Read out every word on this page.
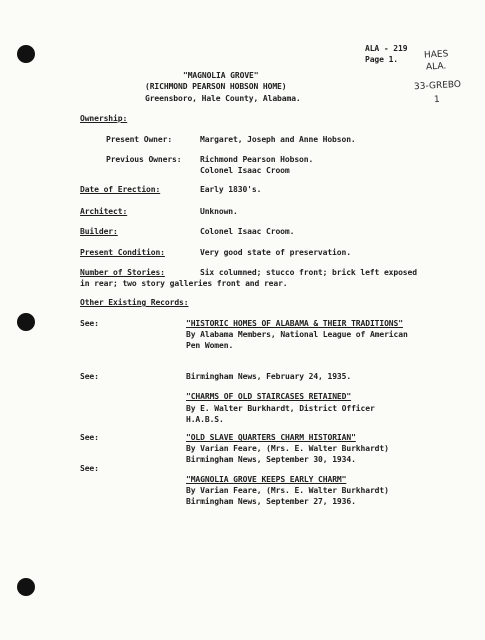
ALA - 219
Page 1.	HAES
ALA.
33-GREBO
1
"MAGNOLIA GROVE"
(RICHMOND PEARSON HOBSON HOME)
Greensboro, Hale County, Alabama.
Ownership:
Present Owner:	Margaret, Joseph and Anne Hobson.
Previous Owners: Richmond Pearson Hobson.
Colonel Isaac Croom
Date of Erection:	Early 1830's.
Architect:	Unknown.
Builder:	Colonel Isaac Croom.
Present Condition:	Very good state of preservation.
Number of Stories:	Six columned; stucco front; brick left exposed
in rear; two story galleries front and rear.
Other Existing Records:
See:	"HISTORIC HOMES OF ALABAMA & THEIR TRADITIONS"
By Alabama Members, National League of American
Pen Women.
See:	Birmingham News, February 24, 1935.
"CHARMS OF OLD STAIRCASES RETAINED"
By E. Walter Burkhardt, District Officer
H.A.B.S.
See:	"OLD SLAVE QUARTERS CHARM HISTORIAN"
By Varian Feare, (Mrs. E. Walter Burkhardt)
Birmingham News, September 30, 1934.
See:
"MAGNOLIA GROVE KEEPS EARLY CHARM"
By Varian Feare, (Mrs. E. Walter Burkhardt)
Birmingham News, September 27, 1936.
